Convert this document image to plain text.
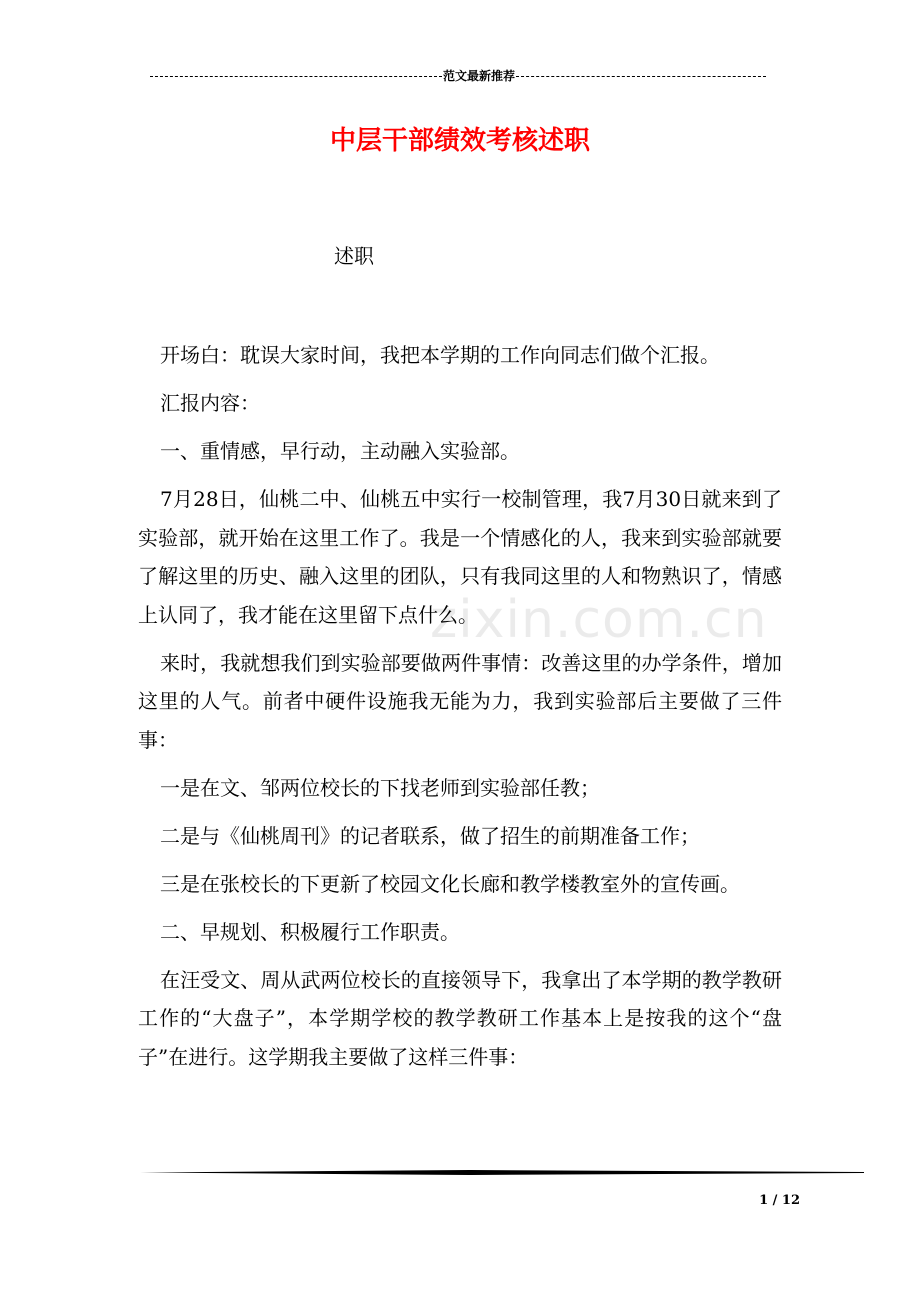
范文最新推荐
中层干部绩效考核述职
述职
zixin.com.cn

开场白：耽误大家时间，我把本学期的工作向同志们做个汇报。

汇报内容：

一、重情感，早行动，主动融入实验部。

7月28日，仙桃二中、仙桃五中实行一校制管理，我7月30日就来到了实验部，就开始在这里工作了。我是一个情感化的人，我来到实验部就要了解这里的历史、融入这里的团队，只有我同这里的人和物熟识了，情感上认同了，我才能在这里留下点什么。

来时，我就想我们到实验部要做两件事情：改善这里的办学条件，增加这里的人气。前者中硬件设施我无能为力，我到实验部后主要做了三件事：

一是在文、邹两位校长的下找老师到实验部任教；

二是与《仙桃周刊》的记者联系，做了招生的前期准备工作；

三是在张校长的下更新了校园文化长廊和教学楼教室外的宣传画。

二、早规划、积极履行工作职责。

在汪受文、周从武两位校长的直接领导下，我拿出了本学期的教学教研工作的“大盘子”，本学期学校的教学教研工作基本上是按我的这个“盘子”在进行。这学期我主要做了这样三件事：

1 / 12
